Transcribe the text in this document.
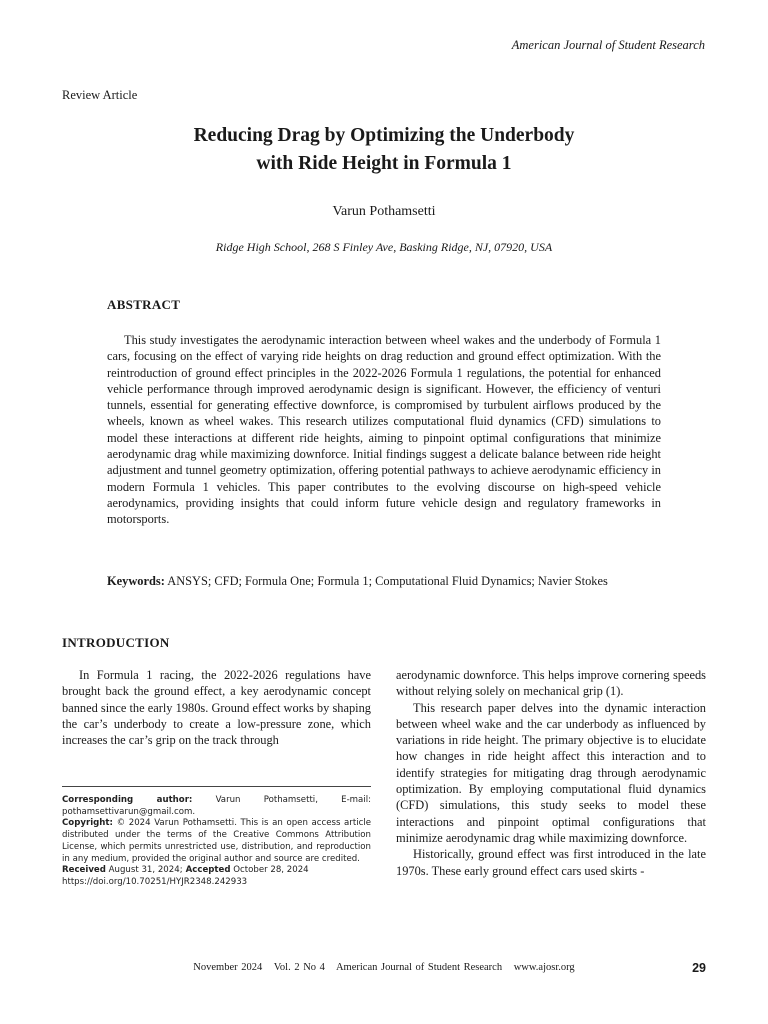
American Journal of Student Research
Review Article
Reducing Drag by Optimizing the Underbody
with Ride Height in Formula 1
Varun Pothamsetti
Ridge High School, 268 S Finley Ave, Basking Ridge, NJ, 07920, USA
ABSTRACT

This study investigates the aerodynamic interaction between wheel wakes and the underbody of Formula 1 cars, focusing on the effect of varying ride heights on drag reduction and ground effect optimization. With the reintroduction of ground effect principles in the 2022-2026 Formula 1 regulations, the potential for enhanced vehicle performance through improved aerodynamic design is significant. However, the efficiency of venturi tunnels, essential for generating effective downforce, is compromised by turbulent airflows produced by the wheels, known as wheel wakes. This research utilizes computational fluid dynamics (CFD) simulations to model these interactions at different ride heights, aiming to pinpoint optimal configurations that minimize aerodynamic drag while maximizing downforce. Initial findings suggest a delicate balance between ride height adjustment and tunnel geometry optimization, offering potential pathways to achieve aerodynamic efficiency in modern Formula 1 vehicles. This paper contributes to the evolving discourse on high-speed vehicle aerodynamics, providing insights that could inform future vehicle design and regulatory frameworks in motorsports.

Keywords: ANSYS; CFD; Formula One; Formula 1; Computational Fluid Dynamics; Navier Stokes
INTRODUCTION

In Formula 1 racing, the 2022-2026 regulations have brought back the ground effect, a key aerodynamic concept banned since the early 1980s. Ground effect works by shaping the car’s underbody to create a low-pressure zone, which increases the car’s grip on the track through

Corresponding author: Varun Pothamsetti, E-mail: pothamsettivarun@gmail.com.

Copyright: © 2024 Varun Pothamsetti. This is an open access article distributed under the terms of the Creative Commons Attribution License, which permits unrestricted use, distribution, and reproduction in any medium, provided the original author and source are credited.

Received August 31, 2024; Accepted October 28, 2024

https://doi.org/10.70251/HYJR2348.242933

aerodynamic downforce. This helps improve cornering speeds without relying solely on mechanical grip (1).

This research paper delves into the dynamic interaction between wheel wake and the car underbody as influenced by variations in ride height. The primary objective is to elucidate how changes in ride height affect this interaction and to identify strategies for mitigating drag through aerodynamic optimization. By employing computational fluid dynamics (CFD) simulations, this study seeks to model these interactions and pinpoint optimal configurations that minimize aerodynamic drag while maximizing downforce.

Historically, ground effect was first introduced in the late 1970s. These early ground effect cars used skirts -

November 2024 Vol. 2 No 4 American Journal of Student Research www.ajosr.org	29
